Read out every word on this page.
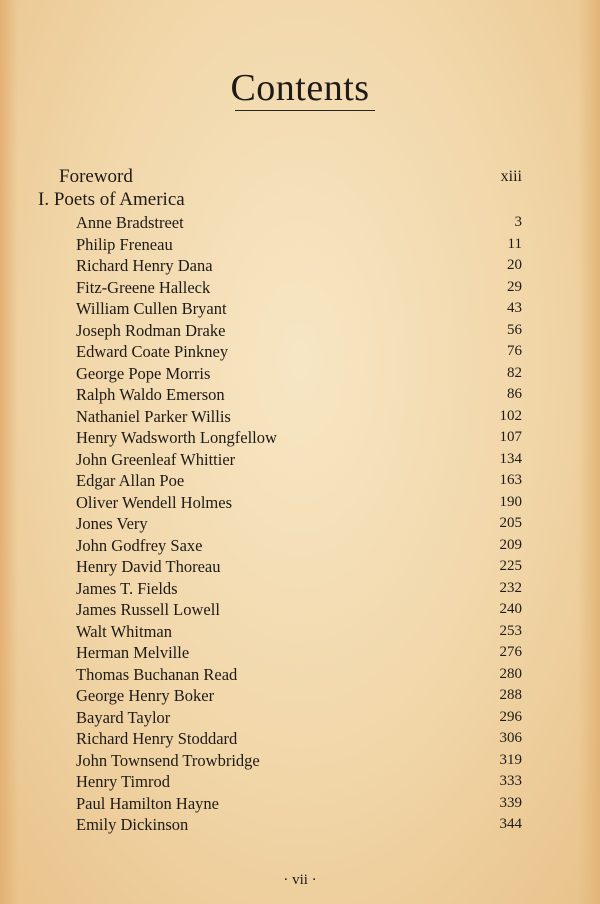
Contents
Foreword	xiii
I. Poets of America
Anne Bradstreet	3
Philip Freneau	11
Richard Henry Dana	20
Fitz-Greene Halleck	29
William Cullen Bryant	43
Joseph Rodman Drake	56
Edward Coate Pinkney	76
George Pope Morris	82
Ralph Waldo Emerson	86
Nathaniel Parker Willis	102
Henry Wadsworth Longfellow	107
John Greenleaf Whittier	134
Edgar Allan Poe	163
Oliver Wendell Holmes	190
Jones Very	205
John Godfrey Saxe	209
Henry David Thoreau	225
James T. Fields	232
James Russell Lowell	240
Walt Whitman	253
Herman Melville	276
Thomas Buchanan Read	280
George Henry Boker	288
Bayard Taylor	296
Richard Henry Stoddard	306
John Townsend Trowbridge	319
Henry Timrod	333
Paul Hamilton Hayne	339
Emily Dickinson	344
· vii ·
